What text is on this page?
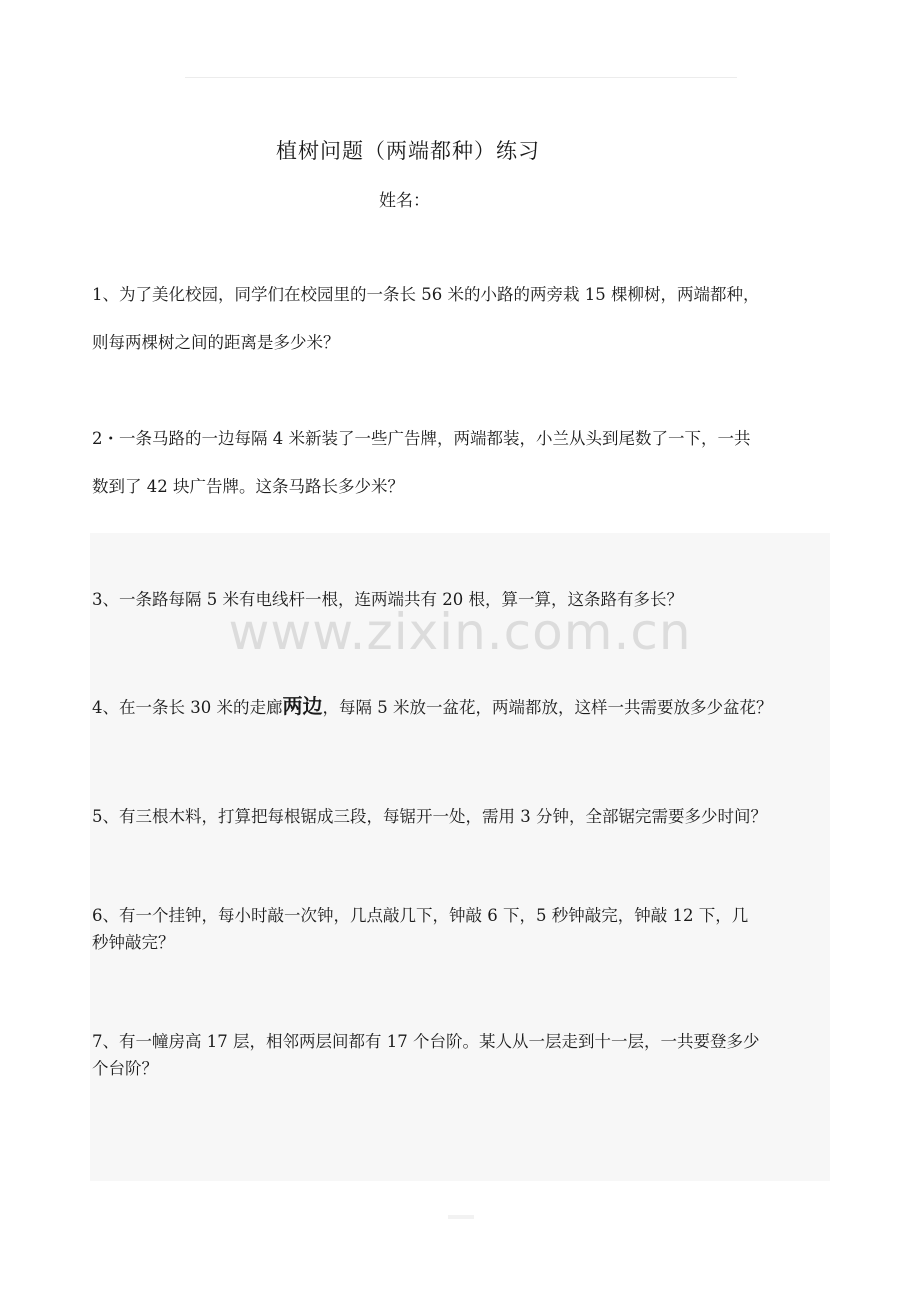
植树问题（两端都种）练习
姓名：
www.zixin.com.cn
1、为了美化校园，同学们在校园里的一条长 56 米的小路的两旁栽 15 棵柳树，两端都种，
则每两棵树之间的距离是多少米？
2・一条马路的一边每隔 4 米新装了一些广告牌，两端都装，小兰从头到尾数了一下，一共
数到了 42 块广告牌。这条马路长多少米？
3、一条路每隔 5 米有电线杆一根，连两端共有 20 根，算一算，这条路有多长？
4、在一条长 30 米的走廊两边，每隔 5 米放一盆花，两端都放，这样一共需要放多少盆花？
5、有三根木料，打算把每根锯成三段，每锯开一处，需用 3 分钟，全部锯完需要多少时间？
6、有一个挂钟，每小时敲一次钟，几点敲几下，钟敲 6 下，5 秒钟敲完，钟敲 12 下，几
秒钟敲完？
7、有一幢房高 17 层，相邻两层间都有 17 个台阶。某人从一层走到十一层，一共要登多少
个台阶？
